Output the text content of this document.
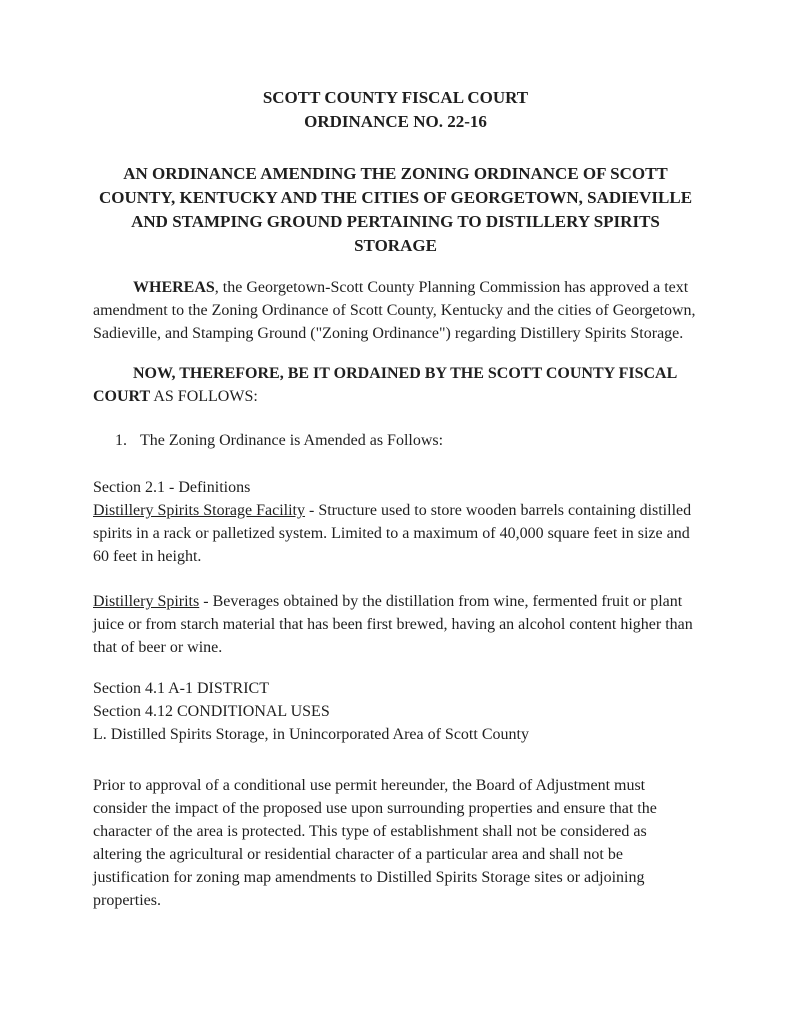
SCOTT COUNTY FISCAL COURT

ORDINANCE NO. 22-16

AN ORDINANCE AMENDING THE ZONING ORDINANCE OF SCOTT COUNTY, KENTUCKY AND THE CITIES OF GEORGETOWN, SADIEVILLE AND STAMPING GROUND PERTAINING TO DISTILLERY SPIRITS STORAGE

WHEREAS, the Georgetown-Scott County Planning Commission has approved a text amendment to the Zoning Ordinance of Scott County, Kentucky and the cities of Georgetown, Sadieville, and Stamping Ground ("Zoning Ordinance") regarding Distillery Spirits Storage.

NOW, THEREFORE, BE IT ORDAINED BY THE SCOTT COUNTY FISCAL COURT AS FOLLOWS:

1. The Zoning Ordinance is Amended as Follows:

Section 2.1 - Definitions

Distillery Spirits Storage Facility - Structure used to store wooden barrels containing distilled spirits in a rack or palletized system. Limited to a maximum of 40,000 square feet in size and 60 feet in height.

Distillery Spirits - Beverages obtained by the distillation from wine, fermented fruit or plant juice or from starch material that has been first brewed, having an alcohol content higher than that of beer or wine.

Section 4.1 A-1 DISTRICT

Section 4.12 CONDITIONAL USES

L. Distilled Spirits Storage, in Unincorporated Area of Scott County

Prior to approval of a conditional use permit hereunder, the Board of Adjustment must consider the impact of the proposed use upon surrounding properties and ensure that the character of the area is protected. This type of establishment shall not be considered as altering the agricultural or residential character of a particular area and shall not be justification for zoning map amendments to Distilled Spirits Storage sites or adjoining properties.
